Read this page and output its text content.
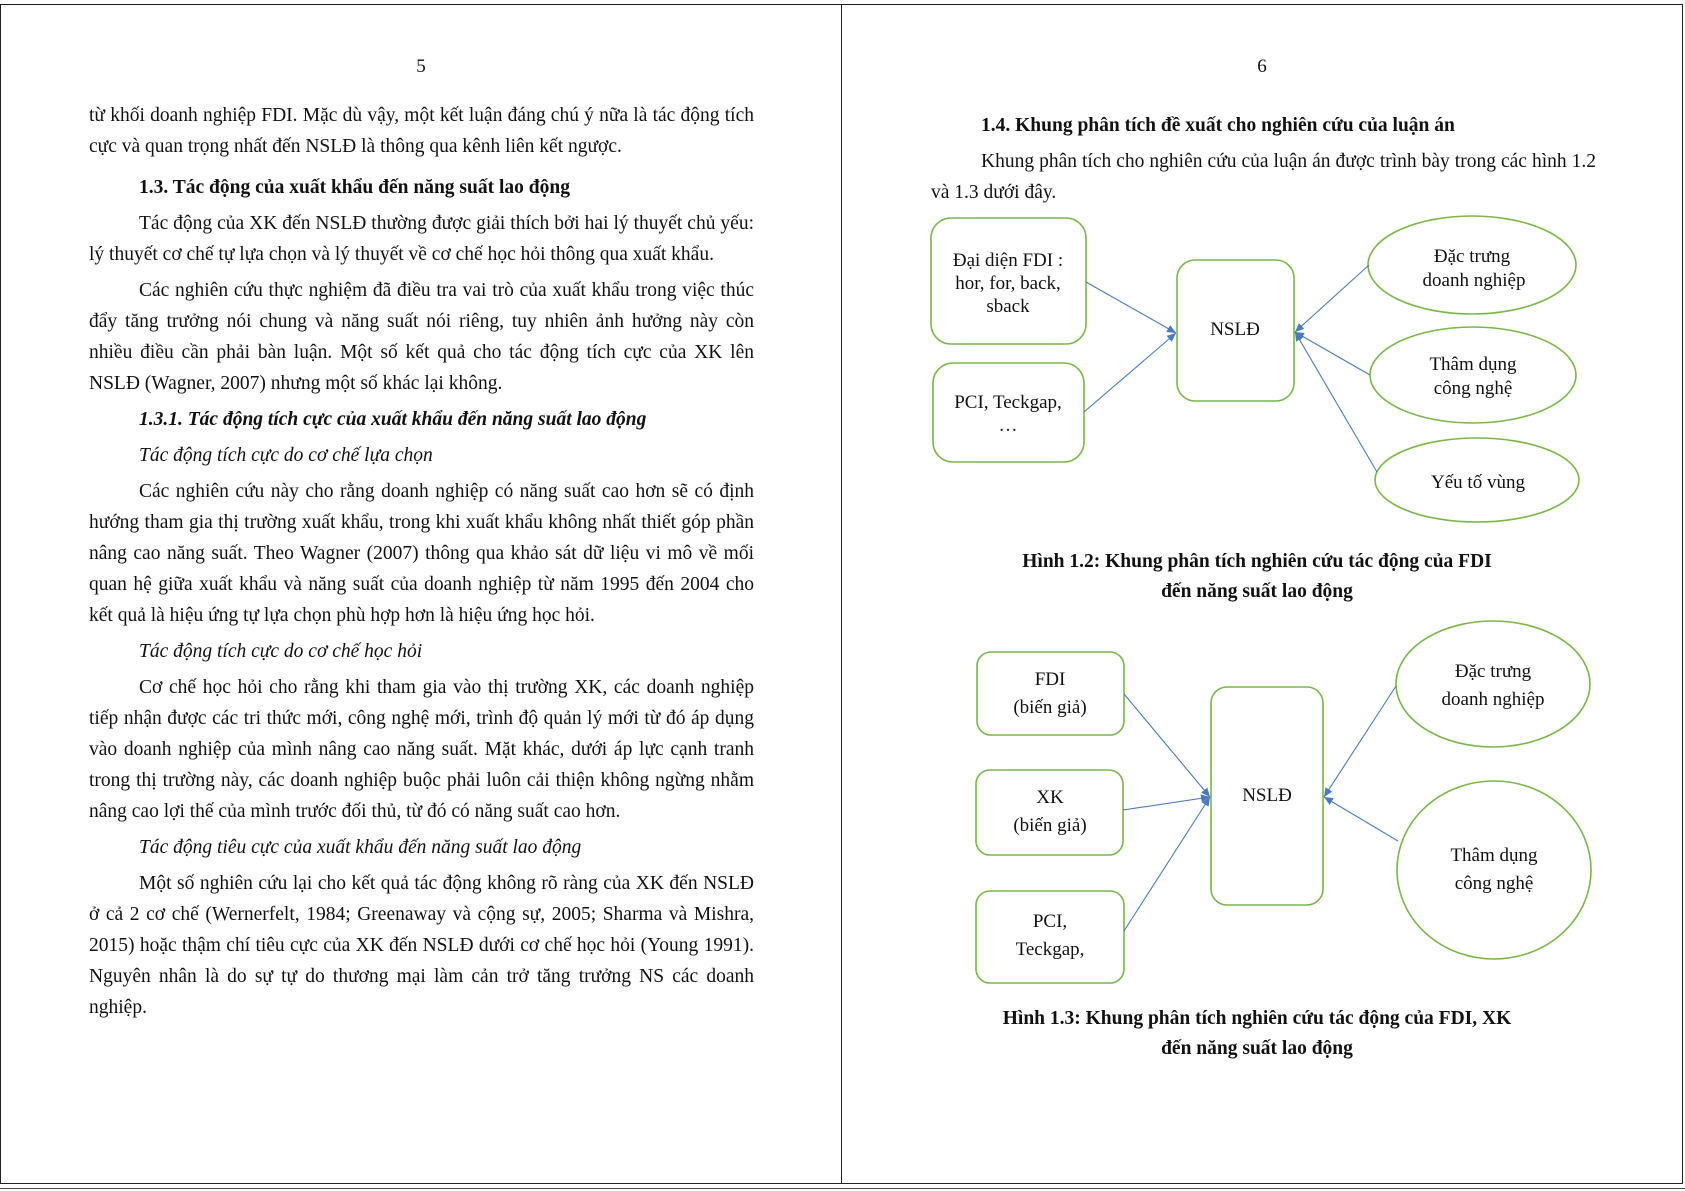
5

từ khối doanh nghiệp FDI. Mặc dù vậy, một kết luận đáng chú ý nữa là tác động tích cực và quan trọng nhất đến NSLĐ là thông qua kênh liên kết ngược.

1.3. Tác động của xuất khẩu đến năng suất lao động

Tác động của XK đến NSLĐ thường được giải thích bởi hai lý thuyết chủ yếu: lý thuyết cơ chế tự lựa chọn và lý thuyết về cơ chế học hỏi thông qua xuất khẩu.

Các nghiên cứu thực nghiệm đã điều tra vai trò của xuất khẩu trong việc thúc đẩy tăng trưởng nói chung và năng suất nói riêng, tuy nhiên ảnh hưởng này còn nhiều điều cần phải bàn luận. Một số kết quả cho tác động tích cực của XK lên NSLĐ (Wagner, 2007) nhưng một số khác lại không.

1.3.1. Tác động tích cực của xuất khẩu đến năng suất lao động

Tác động tích cực do cơ chế lựa chọn

Các nghiên cứu này cho rằng doanh nghiệp có năng suất cao hơn sẽ có định hướng tham gia thị trường xuất khẩu, trong khi xuất khẩu không nhất thiết góp phần nâng cao năng suất. Theo Wagner (2007) thông qua khảo sát dữ liệu vi mô về mối quan hệ giữa xuất khẩu và năng suất của doanh nghiệp từ năm 1995 đến 2004 cho kết quả là hiệu ứng tự lựa chọn phù hợp hơn là hiệu ứng học hỏi.

Tác động tích cực do cơ chế học hỏi

Cơ chế học hỏi cho rằng khi tham gia vào thị trường XK, các doanh nghiệp tiếp nhận được các tri thức mới, công nghệ mới, trình độ quản lý mới từ đó áp dụng vào doanh nghiệp của mình nâng cao năng suất. Mặt khác, dưới áp lực cạnh tranh trong thị trường này, các doanh nghiệp buộc phải luôn cải thiện không ngừng nhằm nâng cao lợi thế của mình trước đối thủ, từ đó có năng suất cao hơn.

Tác động tiêu cực của xuất khẩu đến năng suất lao động

Một số nghiên cứu lại cho kết quả tác động không rõ ràng của XK đến NSLĐ ở cả 2 cơ chế (Wernerfelt, 1984; Greenaway và cộng sự, 2005; Sharma và Mishra, 2015) hoặc thậm chí tiêu cực của XK đến NSLĐ dưới cơ chế học hỏi (Young 1991). Nguyên nhân là do sự tự do thương mại làm cản trở tăng trưởng NS các doanh nghiệp.

6

1.4. Khung phân tích đề xuất cho nghiên cứu của luận án

Khung phân tích cho nghiên cứu của luận án được trình bày trong các hình 1.2 và 1.3 dưới đây.

Đại diện FDI :
hor, for, back,
sback
PCI, Teckgap,
…
NSLĐ
Đặc trưng
doanh nghiệp
Thâm dụng
công nghệ
Yếu tố vùng
FDI
(biến giả)
XK
(biến giả)
PCI,
Teckgap,
NSLĐ
Đặc trưng
doanh nghiệp
Thâm dụng
công nghệ
Hình 1.2: Khung phân tích nghiên cứu tác động của FDI
đến năng suất lao động
Hình 1.3: Khung phân tích nghiên cứu tác động của FDI, XK
đến năng suất lao động
